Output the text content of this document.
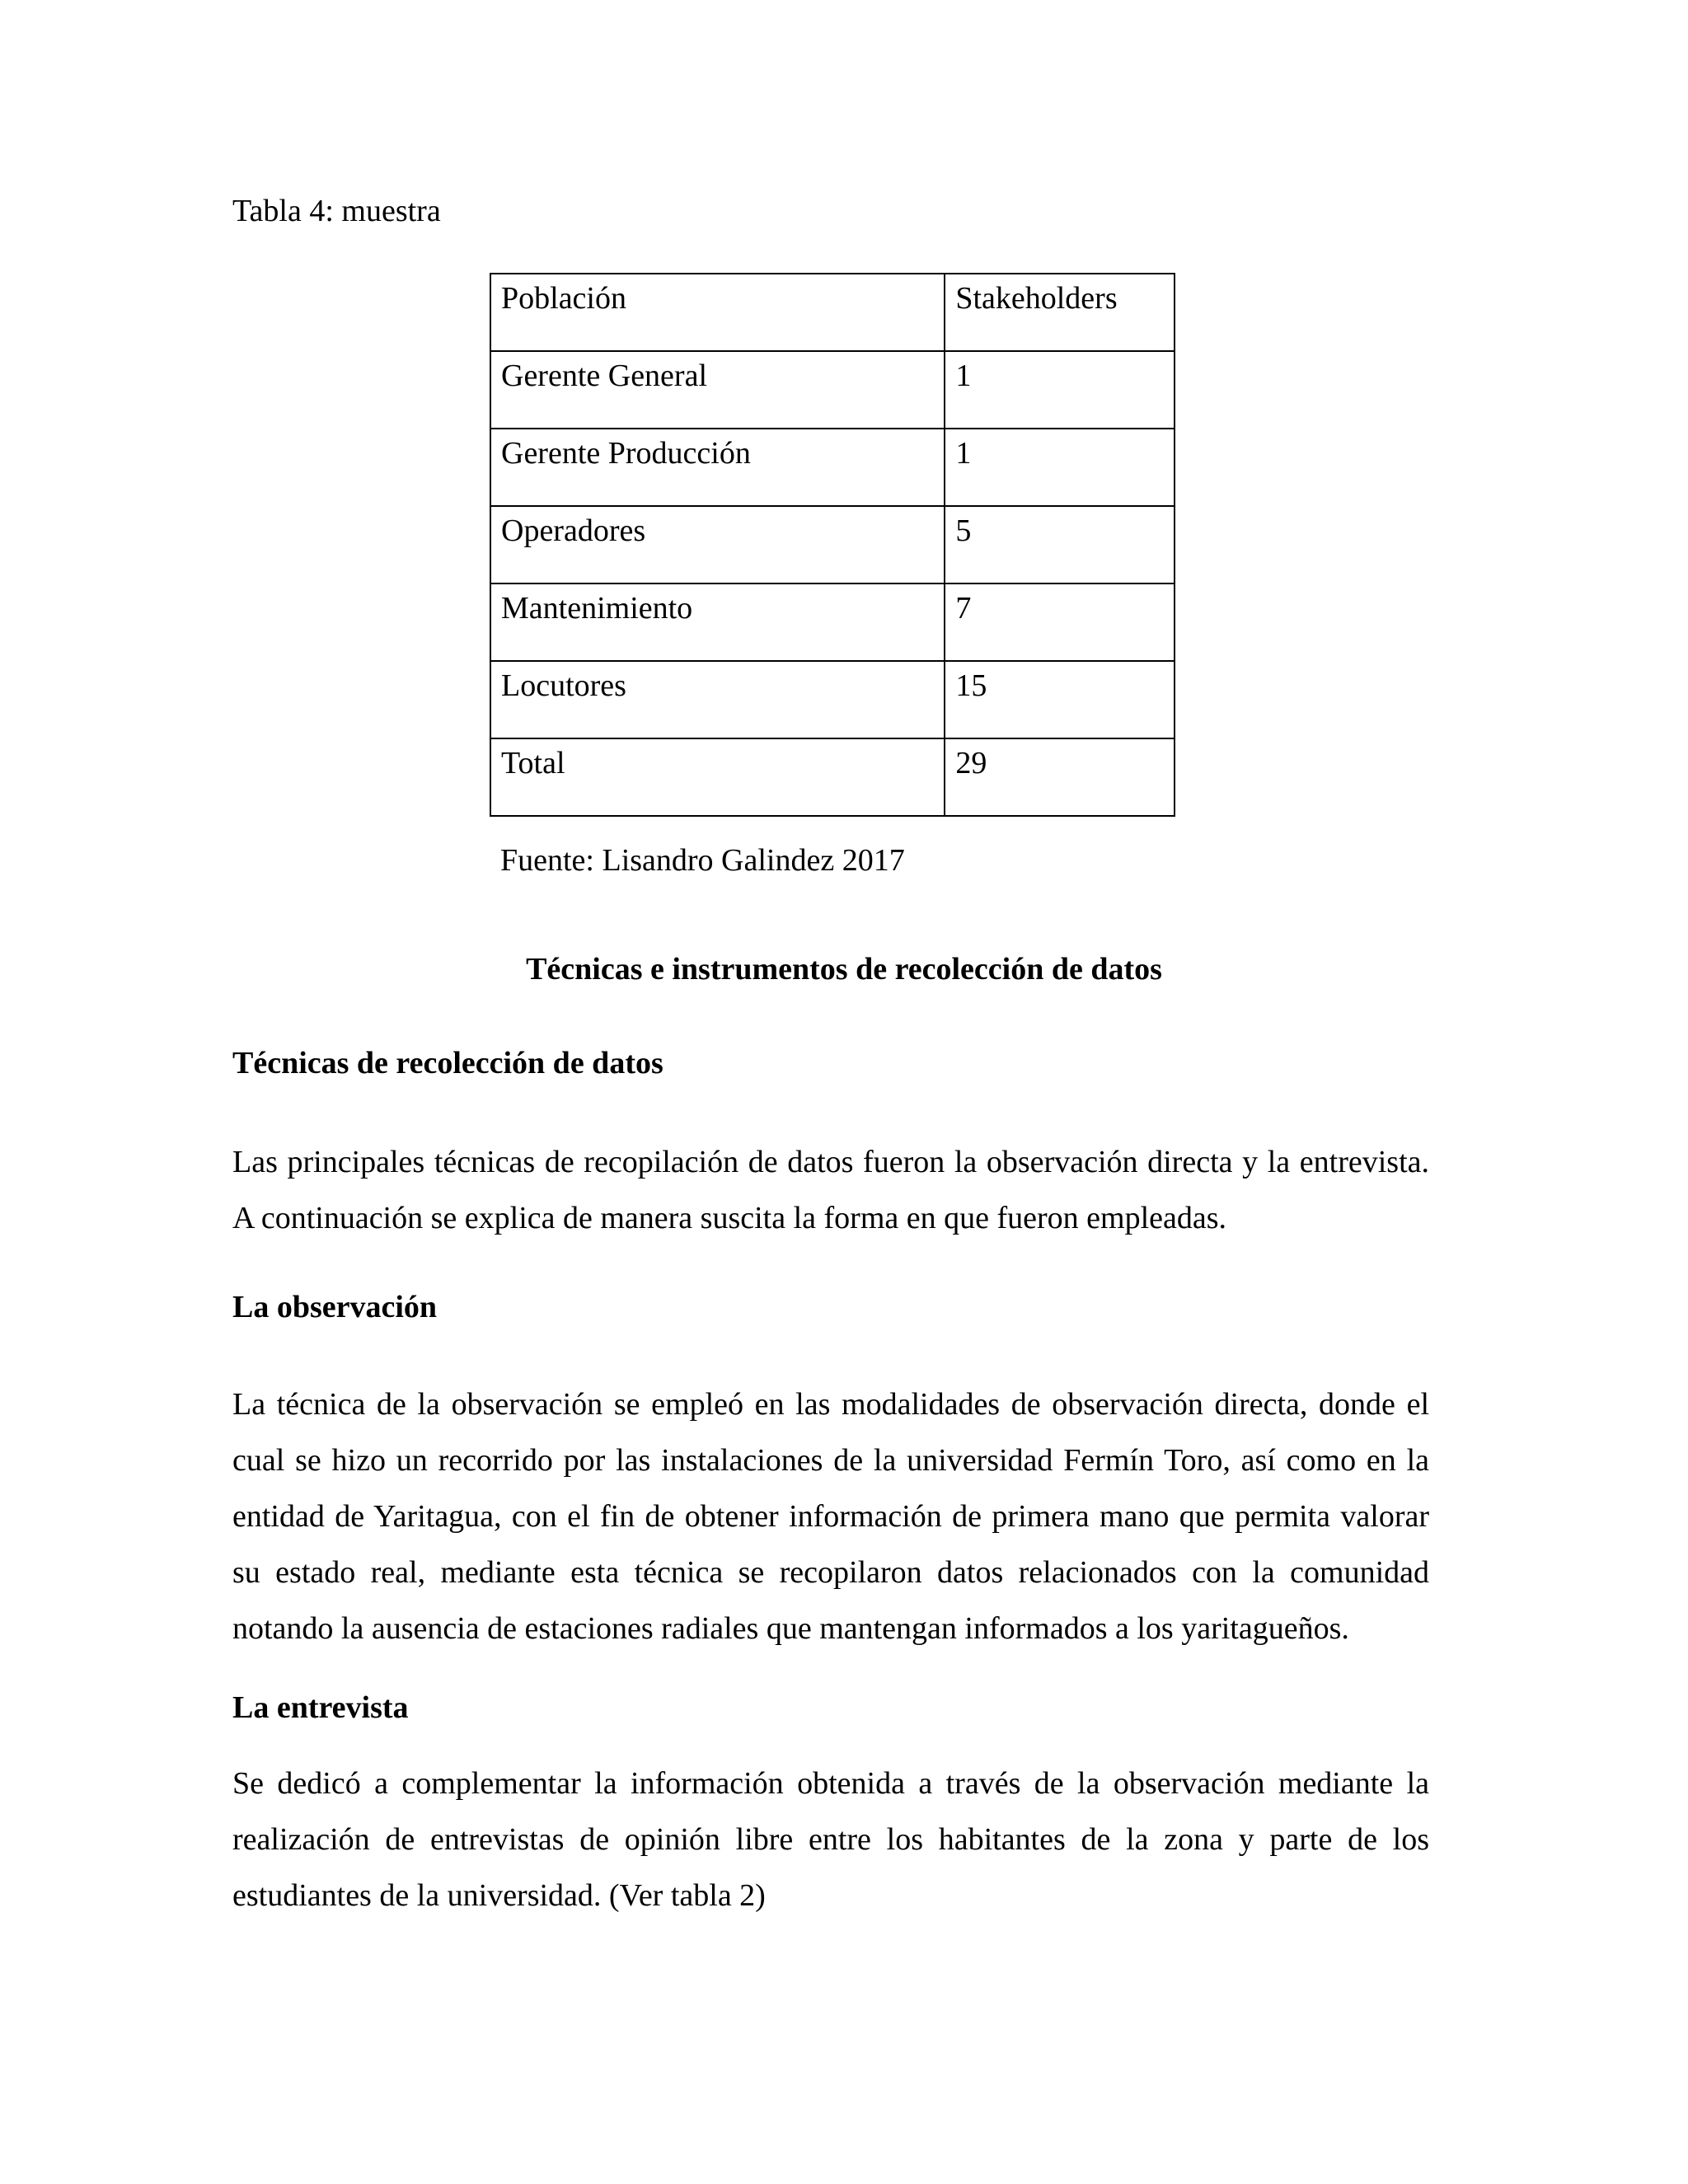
Tabla 4: muestra

Población	Stakeholders
Gerente General	1
Gerente Producción	1
Operadores	5
Mantenimiento	7
Locutores	15
Total	29

Fuente: Lisandro Galindez 2017

Técnicas e instrumentos de recolección de datos
Técnicas de recolección de datos

Las principales técnicas de recopilación de datos fueron la observación directa y la entrevista. A continuación se explica de manera suscita la forma en que fueron empleadas.

La observación

La técnica de la observación se empleó en las modalidades de observación directa, donde el cual se hizo un recorrido por las instalaciones de la universidad Fermín Toro, así como en la entidad de Yaritagua, con el fin de obtener información de primera mano que permita valorar su estado real, mediante esta técnica se recopilaron datos relacionados con la comunidad notando la ausencia de estaciones radiales que mantengan informados a los yaritagueños.

La entrevista

Se dedicó a complementar la información obtenida a través de la observación mediante la realización de entrevistas de opinión libre entre los habitantes de la zona y parte de los estudiantes de la universidad. (Ver tabla 2)
